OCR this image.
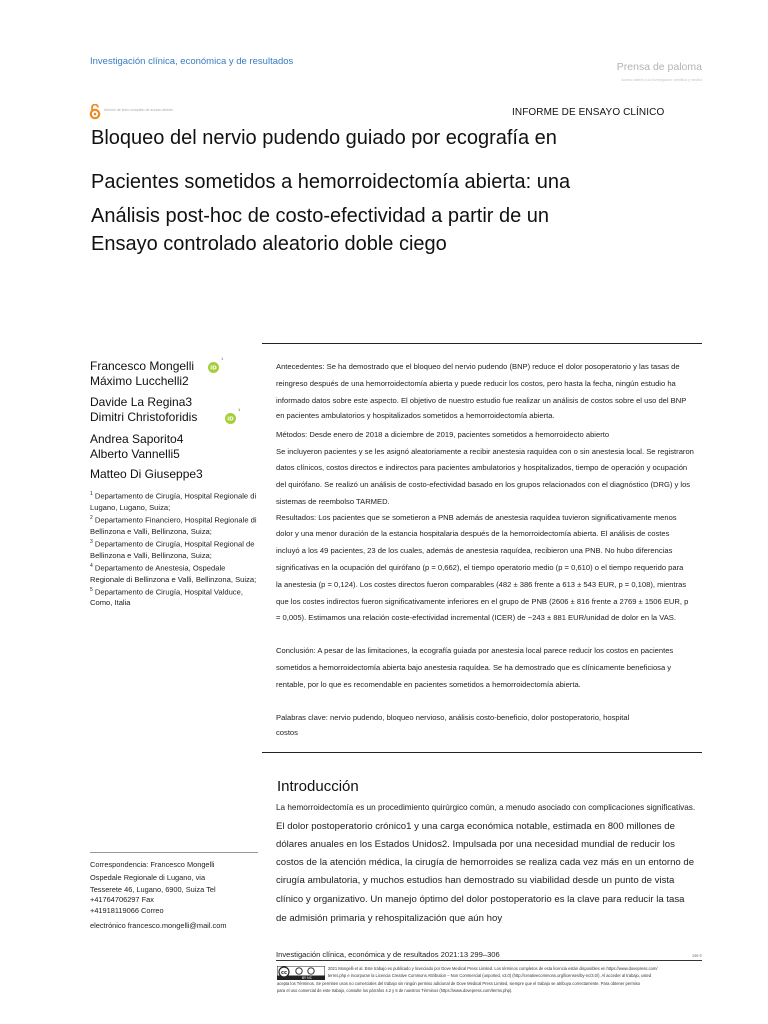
Investigación clínica, económica y de resultados	Prensa de paloma
Acceso abierto a la investigación científica y médica
Artículo de texto completo de acceso abierto	INFORME DE ENSAYO CLÍNICO
Bloqueo del nervio pudendo guiado por ecografía en
Pacientes sometidos a hemorroidectomía abierta: una
Análisis post-hoc de costo-efectividad a partir de un
Ensayo controlado aleatorio doble ciego
Francesco Mongelli	iD
1
Máximo Lucchelli2
Davide La Regina3
Dimitri Christoforidis	iD
1
Andrea Saporito4
Alberto Vannelli5
Matteo Di Giuseppe3
$^1$ Departamento de Cirugía, Hospital Regionale di Lugano, Lugano, Suiza;
$^2$ Departamento Financiero, Hospital Regionale di Bellinzona e Valli, Bellinzona, Suiza;
$^3$ Departamento de Cirugía, Hospital Regional de Bellinzona e Valli, Bellinzona, Suiza;
$^4$ Departamento de Anestesia, Ospedale Regionale di Bellinzona e Valli, Bellinzona, Suiza;
$^5$ Departamento de Cirugía, Hospital Valduce, Como, Italia
Antecedentes: Se ha demostrado que el bloqueo del nervio pudendo (BNP) reduce el dolor posoperatorio y las tasas de
reingreso después de una hemorroidectomía abierta y puede reducir los costos, pero hasta la fecha, ningún estudio ha
informado datos sobre este aspecto. El objetivo de nuestro estudio fue realizar un análisis de costos sobre el uso del BNP
en pacientes ambulatorios y hospitalizados sometidos a hemorroidectomía abierta.
Métodos: Desde enero de 2018 a diciembre de 2019, pacientes sometidos a hemorroidecto abierto
Se incluyeron pacientes y se les asignó aleatoriamente a recibir anestesia raquídea con o sin anestesia local. Se registraron
datos clínicos, costos directos e indirectos para pacientes ambulatorios y hospitalizados, tiempo de operación y ocupación
del quirófano. Se realizó un análisis de costo-efectividad basado en los grupos relacionados con el diagnóstico (DRG) y los
sistemas de reembolso TARMED.
Resultados: Los pacientes que se sometieron a PNB además de anestesia raquídea tuvieron significativamente menos
dolor y una menor duración de la estancia hospitalaria después de la hemorroidectomía abierta. El análisis de costes
incluyó a los 49 pacientes, 23 de los cuales, además de anestesia raquídea, recibieron una PNB. No hubo diferencias
significativas en la ocupación del quirófano (p = 0,662), el tiempo operatorio medio (p = 0,610) o el tiempo requerido para
la anestesia (p = 0,124). Los costes directos fueron comparables (482 ± 386 frente a 613 ± 543 EUR, p = 0,108), mientras
que los costes indirectos fueron significativamente inferiores en el grupo de PNB (2606 ± 816 frente a 2769 ± 1506 EUR, p
= 0,005). Estimamos una relación coste-efectividad incremental (ICER) de −243 ± 881 EUR/unidad de dolor en la VAS.
Conclusión: A pesar de las limitaciones, la ecografía guiada por anestesia local parece reducir los costos en pacientes
sometidos a hemorroidectomía abierta bajo anestesia raquídea. Se ha demostrado que es clínicamente beneficiosa y
rentable, por lo que es recomendable en pacientes sometidos a hemorroidectomía abierta.
Palabras clave: nervio pudendo, bloqueo nervioso, análisis costo-beneficio, dolor postoperatorio, hospital
costos
Introducción
La hemorroidectomía es un procedimiento quirúrgico común, a menudo asociado con complicaciones significativas.
El dolor postoperatorio crónico1 y una carga económica notable, estimada en 800 millones de
dólares anuales en los Estados Unidos2. Impulsada por una necesidad mundial de reducir los
costos de la atención médica, la cirugía de hemorroides se realiza cada vez más en un entorno de
cirugía ambulatoria, y muchos estudios han demostrado su viabilidad desde un punto de vista
clínico y organizativo. Un manejo óptimo del dolor postoperatorio es la clave para reducir la tasa
de admisión primaria y rehospitalización que aún hoy
Correspondencia: Francesco Mongelli
Ospedale Regionale di Lugano, via
Tesserete 46, Lugano, 6900, Suiza Tel
+41764706297 Fax
+41918119066 Correo
electrónico francesco.mongelli@mail.com
Investigación clínica, económica y de resultados 2021:13 299–306	299 ©
cc
BY NC
2021 Mongelli et al. Este trabajo es publicado y licenciado por Dove Medical Press Limited. Los términos completos de esta licencia están disponibles en https://www.dovepress.com/
terms.php e incorporan la Licencia Creative Commons Attribution – Non Commercial (unported, v3.0) (http://creativecommons.org/licenses/by-nc/3.0/). Al acceder al trabajo, usted
acepta los Términos. Se permiten usos no comerciales del trabajo sin ningún permiso adicional de Dove Medical Press Limited, siempre que el trabajo se atribuya correctamente. Para obtener permiso
para el uso comercial de este trabajo, consulte los párrafos 4.2 y 5 de nuestros Términos (https://www.dovepress.com/terms.php).
